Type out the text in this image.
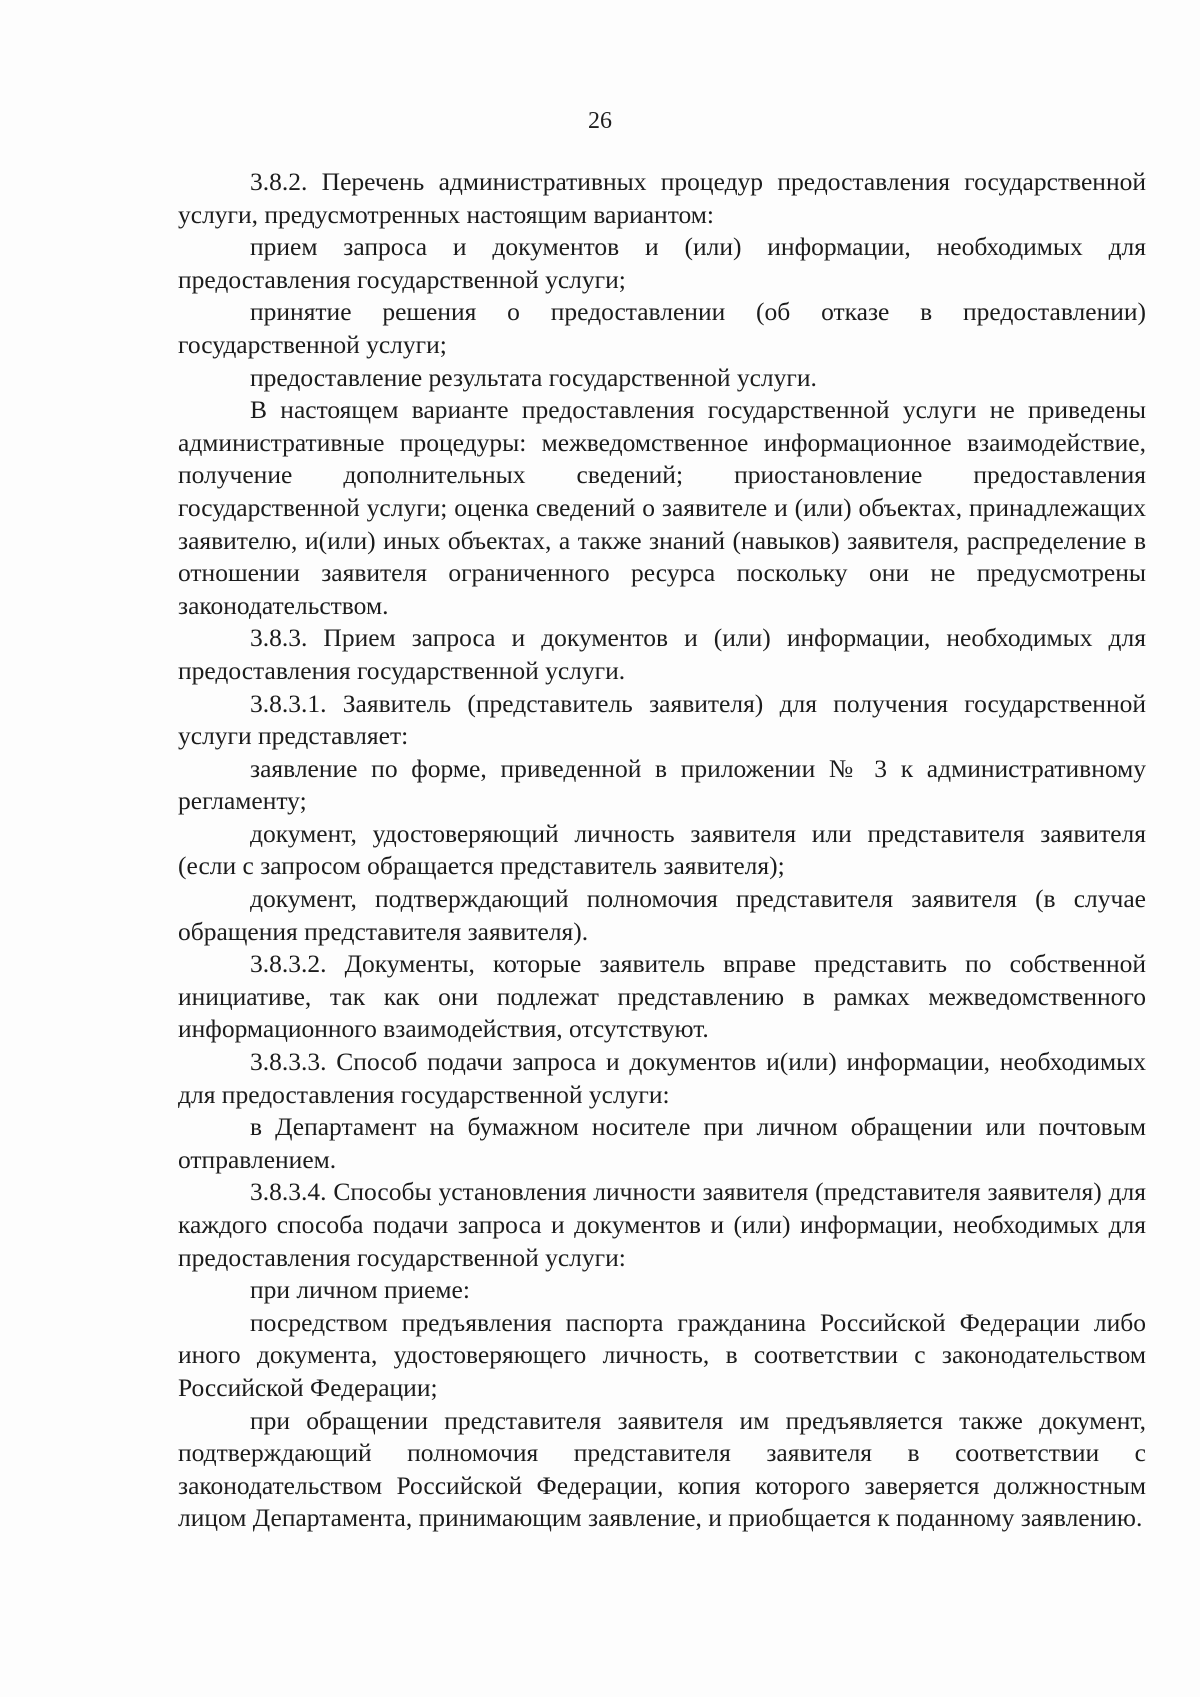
26

3.8.2. Перечень административных процедур предоставления государственной услуги, предусмотренных настоящим вариантом:

прием запроса и документов и (или) информации, необходимых для предоставления государственной услуги;

принятие решения о предоставлении (об отказе в предоставлении) государственной услуги;

предоставление результата государственной услуги.

В настоящем варианте предоставления государственной услуги не приведены административные процедуры: межведомственное информационное взаимодействие, получение дополнительных сведений; приостановление предоставления государственной услуги; оценка сведений о заявителе и (или) объектах, принадлежащих заявителю, и(или) иных объектах, а также знаний (навыков) заявителя, распределение в отношении заявителя ограниченного ресурса поскольку они не предусмотрены законодательством.

3.8.3. Прием запроса и документов и (или) информации, необходимых для предоставления государственной услуги.

3.8.3.1. Заявитель (представитель заявителя) для получения государственной услуги представляет:

заявление по форме, приведенной в приложении № 3 к административному регламенту;

документ, удостоверяющий личность заявителя или представителя заявителя (если с запросом обращается представитель заявителя);

документ, подтверждающий полномочия представителя заявителя (в случае обращения представителя заявителя).

3.8.3.2. Документы, которые заявитель вправе представить по собственной инициативе, так как они подлежат представлению в рамках межведомственного информационного взаимодействия, отсутствуют.

3.8.3.3. Способ подачи запроса и документов и(или) информации, необходимых для предоставления государственной услуги:

в Департамент на бумажном носителе при личном обращении или почтовым отправлением.

3.8.3.4. Способы установления личности заявителя (представителя заявителя) для каждого способа подачи запроса и документов и (или) информации, необходимых для предоставления государственной услуги:

при личном приеме:

посредством предъявления паспорта гражданина Российской Федерации либо иного документа, удостоверяющего личность, в соответствии с законодательством Российской Федерации;

при обращении представителя заявителя им предъявляется также документ, подтверждающий полномочия представителя заявителя в соответствии с законодательством Российской Федерации, копия которого заверяется должностным лицом Департамента, принимающим заявление, и приобщается к поданному заявлению.
